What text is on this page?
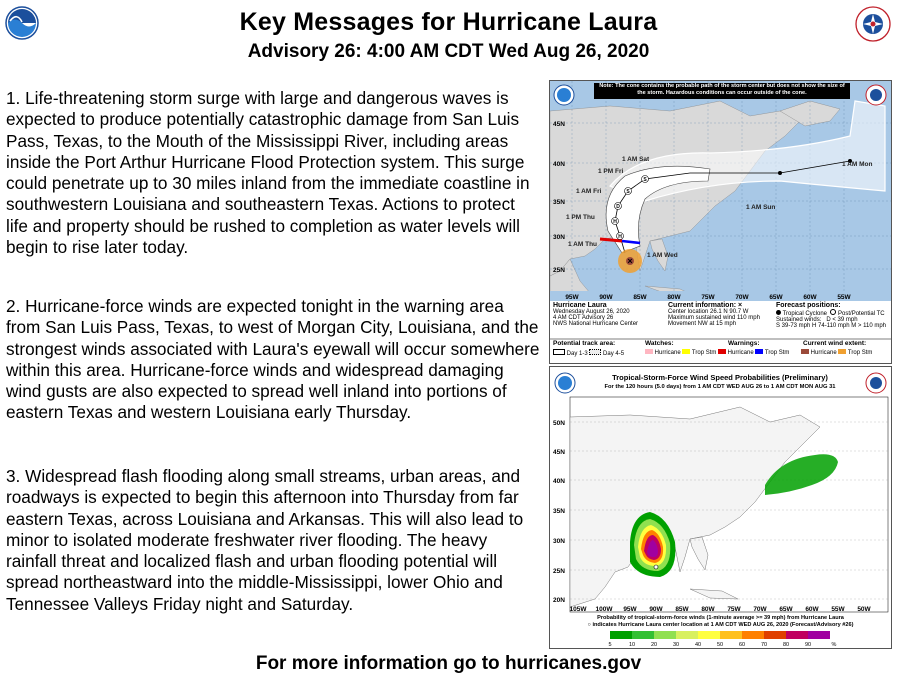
Key Messages for Hurricane Laura
Advisory 26: 4:00 AM CDT Wed Aug 26, 2020
1. Life-threatening storm surge with large and dangerous waves is expected to produce potentially catastrophic damage from San Luis Pass, Texas, to the Mouth of the Mississippi River, including areas inside the Port Arthur Hurricane Flood Protection system. This surge could penetrate up to 30 miles inland from the immediate coastline in southwestern Louisiana and southeastern Texas. Actions to protect life and property should be rushed to completion as water levels will begin to rise later today.
2. Hurricane-force winds are expected tonight in the warning area from San Luis Pass, Texas, to west of Morgan City, Louisiana, and the strongest winds associated with Laura's eyewall will occur somewhere within this area. Hurricane-force winds and widespread damaging wind gusts are also expected to spread well inland into portions of eastern Texas and western Louisiana early Thursday.
3. Widespread flash flooding along small streams, urban areas, and roadways is expected to begin this afternoon into Thursday from far eastern Texas, across Louisiana and Arkansas. This will also lead to minor to isolated moderate freshwater river flooding. The heavy rainfall threat and localized flash and urban flooding potential will spread northeastward into the middle-Mississippi, lower Ohio and Tennessee Valleys Friday night and Saturday.
H
H
D
S
S
×
1 AM Sat
1 PM Fri
1 AM Fri
1 PM Thu
1 AM Thu
1 AM Wed
1 AM Sun
1 AM Mon
45N
40N
35N
30N
25N
95W	90W	85W	80W	75W	70W	65W	60W	55W
Note: The cone contains the probable path of the storm center but does not show the size of the storm. Hazardous conditions can occur outside of the cone.
Hurricane Laura
Wednesday August 26, 2020
4 AM CDT Advisory 26
NWS National Hurricane Center
Current information: ×
Center location 26.1 N 90.7 W
Maximum sustained wind 110 mph
Movement NW at 15 mph
Forecast positions:
Tropical Cyclone Post/Potential TC
Sustained winds: D < 39 mph
S 39-73 mph H 74-110 mph M > 110 mph
Potential track area:
Day 1-3	Day 4-5
Watches:
Hurricane Trop Stm
Warnings:
Hurricane Trop Stm
Current wind extent:
Hurricane Trop Stm
50N
45N
40N
35N
30N
25N
20N
105W 100W 95W 90W 85W 80W 75W 70W 65W 60W 55W 50W
5	10	20	30	40	50	60	70	80	90	%
Tropical-Storm-Force Wind Speed Probabilities (Preliminary)
For the 120 hours (5.0 days) from 1 AM CDT WED AUG 26 to 1 AM CDT MON AUG 31
Probability of tropical-storm-force winds (1-minute average >= 39 mph) from Hurricane Laura
○ indicates Hurricane Laura center location at 1 AM CDT WED AUG 26, 2020 (Forecast/Advisory #26)
For more information go to hurricanes.gov
